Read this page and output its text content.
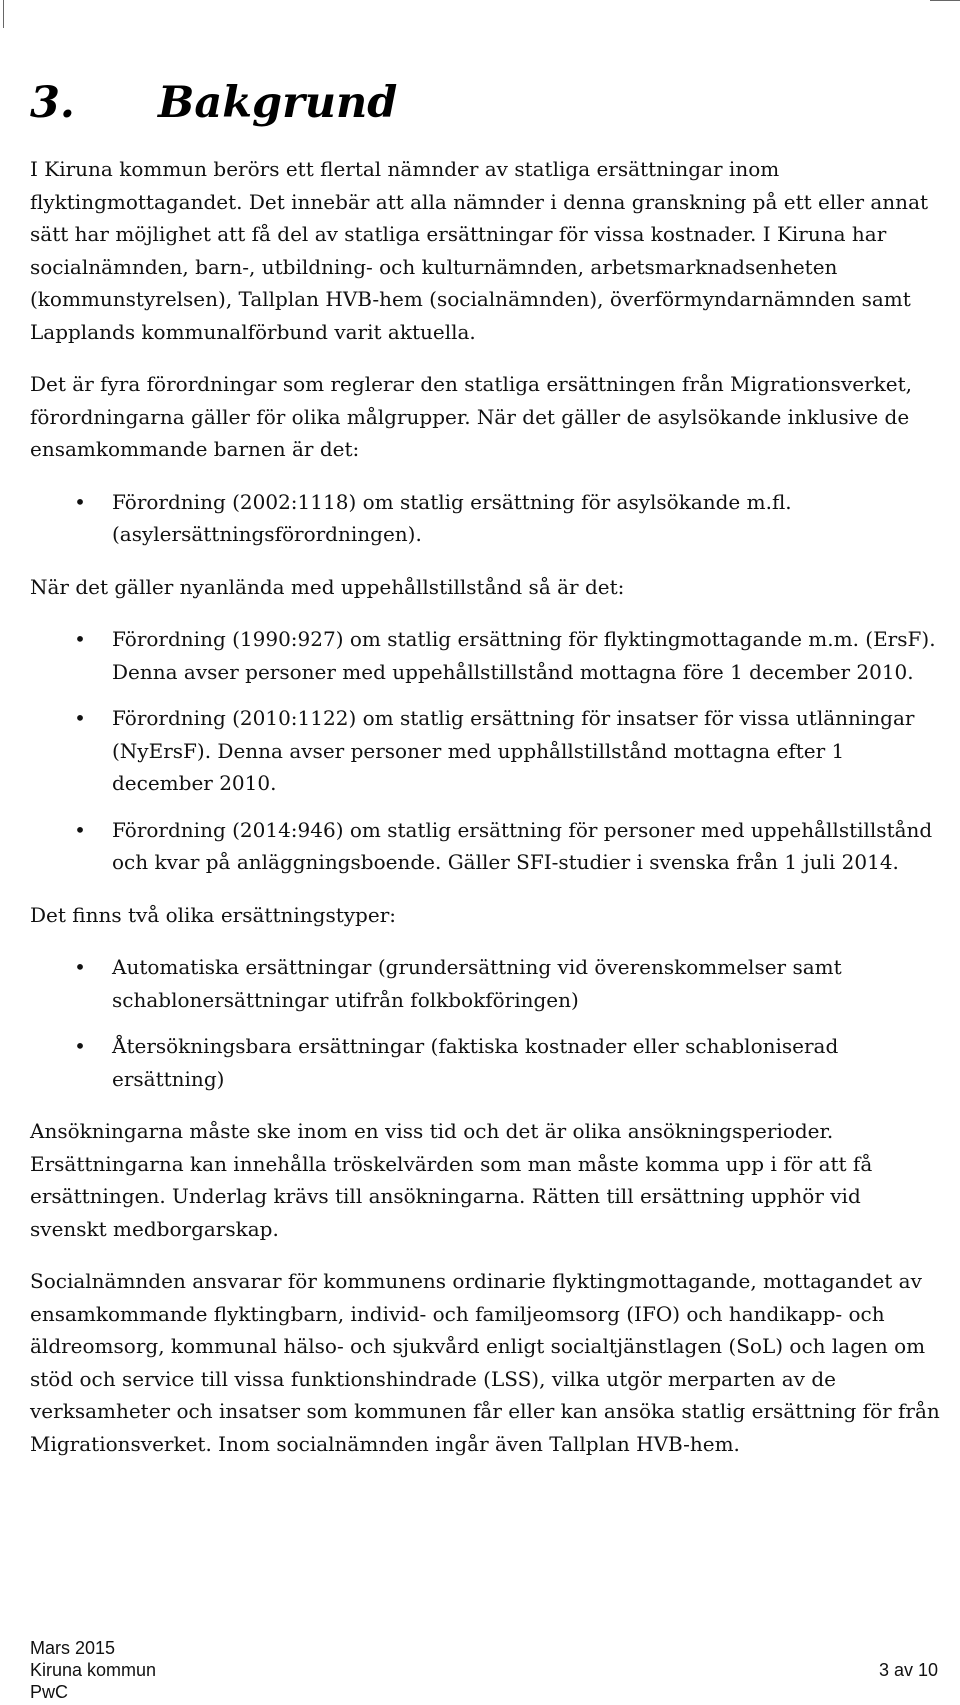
3. Bakgrund

I Kiruna kommun berörs ett flertal nämnder av statliga ersättningar inom flyktingmottagandet. Det innebär att alla nämnder i denna granskning på ett eller annat sätt har möjlighet att få del av statliga ersättningar för vissa kostnader. I Kiruna har socialnämnden, barn-, utbildning- och kulturnämnden, arbetsmarknadsenheten (kommunstyrelsen), Tallplan HVB-hem (socialnämnden), överförmyndarnämnden samt Lapplands kommunalförbund varit aktuella.

Det är fyra förordningar som reglerar den statliga ersättningen från Migrationsverket, förordningarna gäller för olika målgrupper. När det gäller de asylsökande inklusive de ensamkommande barnen är det:

• Förordning (2002:1118) om statlig ersättning för asylsökande m.fl. (asylersättningsförordningen).

När det gäller nyanlända med uppehållstillstånd så är det:

• Förordning (1990:927) om statlig ersättning för flyktingmottagande m.m. (ErsF). Denna avser personer med uppehållstillstånd mottagna före 1 december 2010.
• Förordning (2010:1122) om statlig ersättning för insatser för vissa utlänningar (NyErsF). Denna avser personer med upphållstillstånd mottagna efter 1 december 2010.
• Förordning (2014:946) om statlig ersättning för personer med uppehållstillstånd och kvar på anläggningsboende. Gäller SFI-studier i svenska från 1 juli 2014.

Det finns två olika ersättningstyper:

• Automatiska ersättningar (grundersättning vid överenskommelser samt schablonersättningar utifrån folkbokföringen)
• Återsökningsbara ersättningar (faktiska kostnader eller schabloniserad ersättning)

Ansökningarna måste ske inom en viss tid och det är olika ansökningsperioder. Ersättningarna kan innehålla tröskelvärden som man måste komma upp i för att få ersättningen. Underlag krävs till ansökningarna. Rätten till ersättning upphör vid svenskt medborgarskap.

Socialnämnden ansvarar för kommunens ordinarie flyktingmottagande, mottagandet av ensamkommande flyktingbarn, individ- och familjeomsorg (IFO) och handikapp- och äldreomsorg, kommunal hälso- och sjukvård enligt socialtjänstlagen (SoL) och lagen om stöd och service till vissa funktionshindrade (LSS), vilka utgör merparten av de verksamheter och insatser som kommunen får eller kan ansöka statlig ersättning för från Migrationsverket. Inom socialnämnden ingår även Tallplan HVB-hem.

Mars 2015
Kiruna kommun
PwC
3 av 10
